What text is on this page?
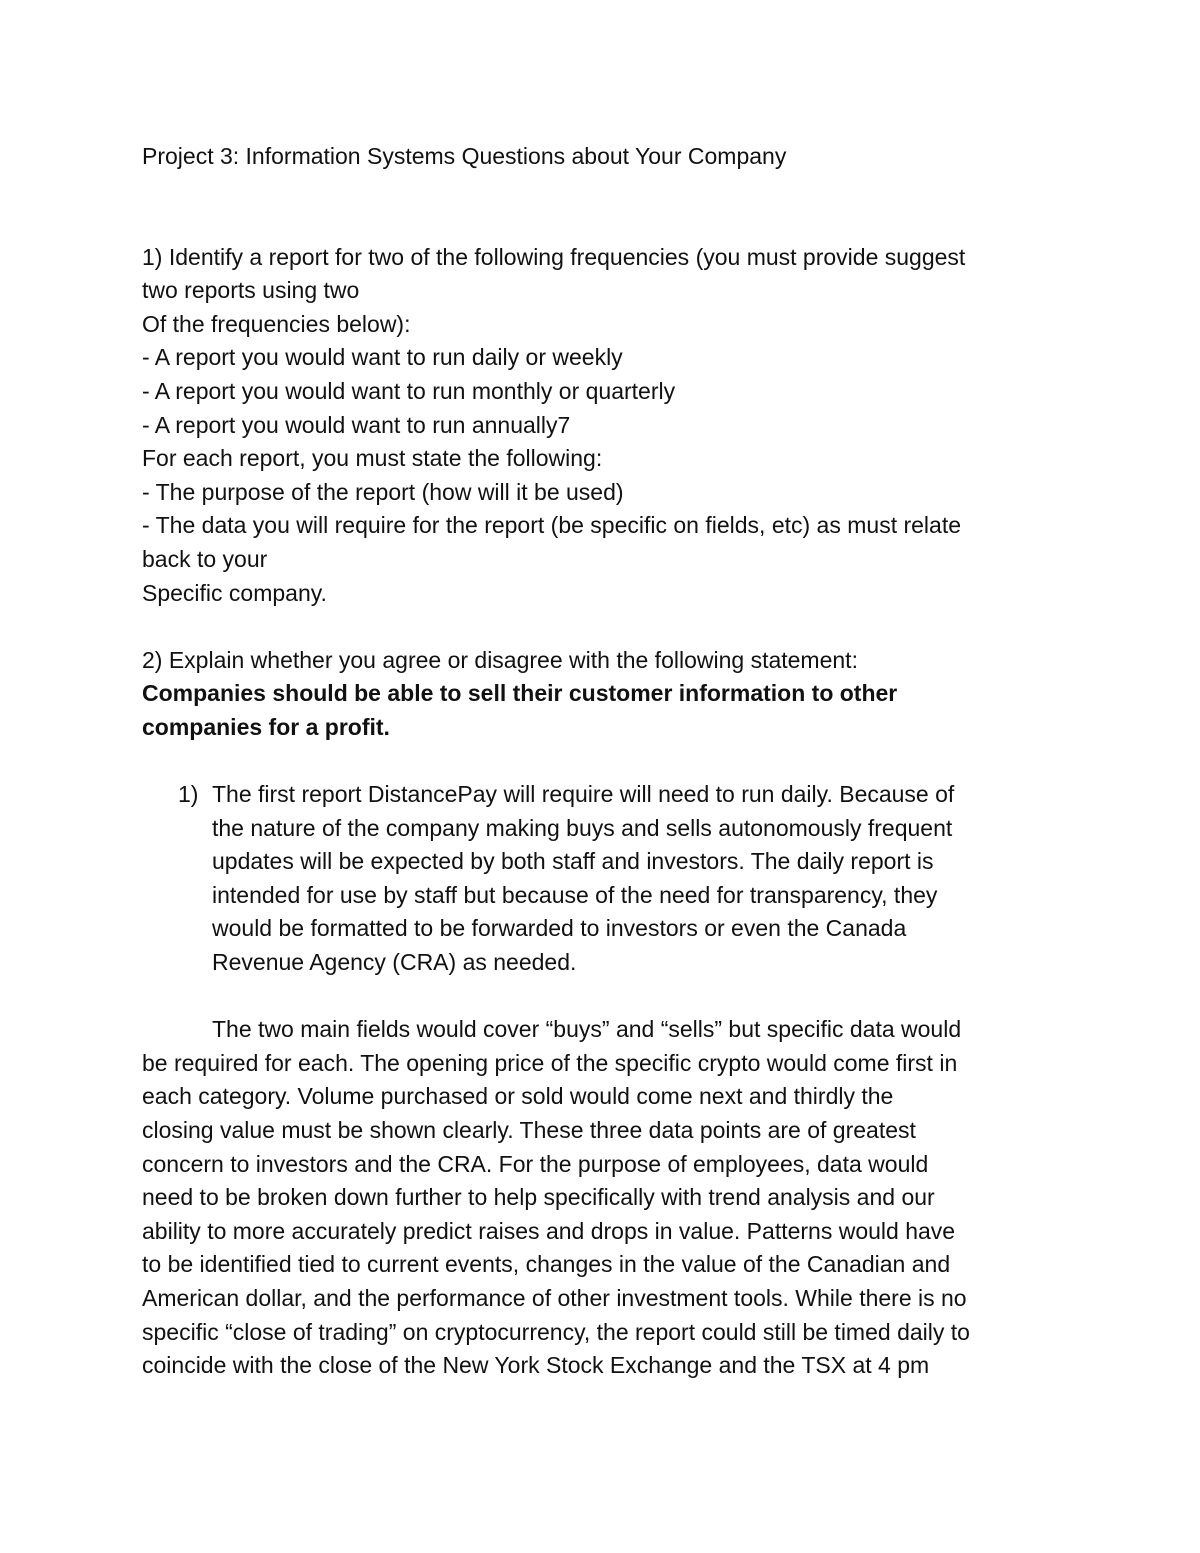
Project 3: Information Systems Questions about Your Company
1) Identify a report for two of the following frequencies (you must provide suggest
two reports using two
Of the frequencies below):
- A report you would want to run daily or weekly
- A report you would want to run monthly or quarterly
- A report you would want to run annually7
For each report, you must state the following:
- The purpose of the report (how will it be used)
- The data you will require for the report (be specific on fields, etc) as must relate
back to your
Specific company.
2) Explain whether you agree or disagree with the following statement:
Companies should be able to sell their customer information to other
companies for a profit.
1) The first report DistancePay will require will need to run daily. Because of
the nature of the company making buys and sells autonomously frequent
updates will be expected by both staff and investors. The daily report is
intended for use by staff but because of the need for transparency, they
would be formatted to be forwarded to investors or even the Canada
Revenue Agency (CRA) as needed.
The two main fields would cover “buys” and “sells” but specific data would
be required for each. The opening price of the specific crypto would come first in
each category. Volume purchased or sold would come next and thirdly the
closing value must be shown clearly. These three data points are of greatest
concern to investors and the CRA. For the purpose of employees, data would
need to be broken down further to help specifically with trend analysis and our
ability to more accurately predict raises and drops in value. Patterns would have
to be identified tied to current events, changes in the value of the Canadian and
American dollar, and the performance of other investment tools. While there is no
specific “close of trading” on cryptocurrency, the report could still be timed daily to
coincide with the close of the New York Stock Exchange and the TSX at 4 pm
